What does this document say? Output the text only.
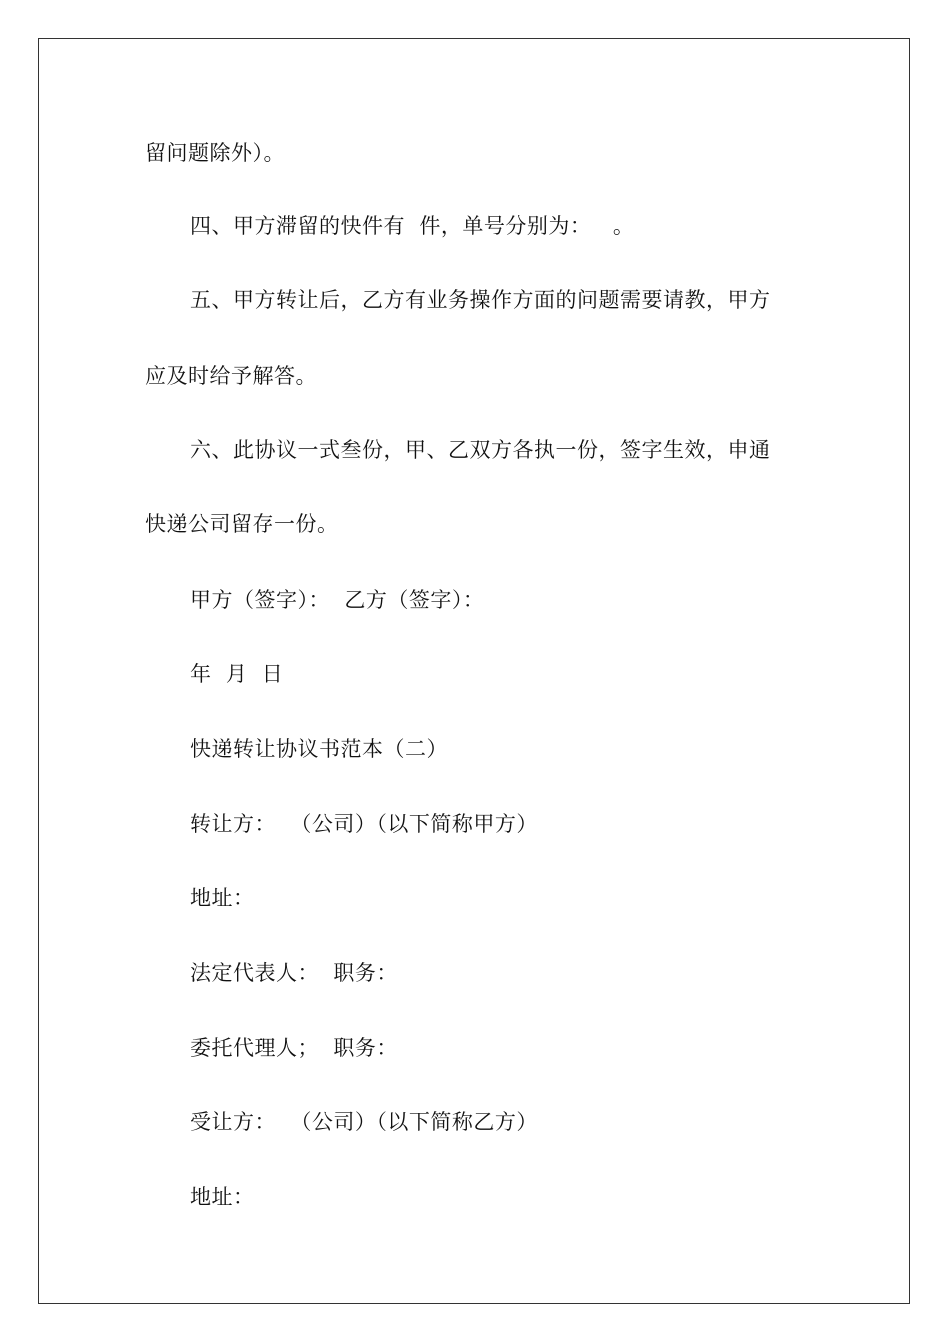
留问题除外）。
四、甲方滞留的快件有  件，单号分别为：   。
五、甲方转让后，乙方有业务操作方面的问题需要请教，甲方
应及时给予解答。
六、此协议一式叁份，甲、乙双方各执一份，签字生效，申通
快递公司留存一份。
甲方（签字）：  乙方（签字）：
年  月  日
快递转让协议书范本（二）
转让方：  （公司）（以下简称甲方）
地址：
法定代表人：  职务：
委托代理人；  职务：
受让方：  （公司）（以下简称乙方）
地址：
